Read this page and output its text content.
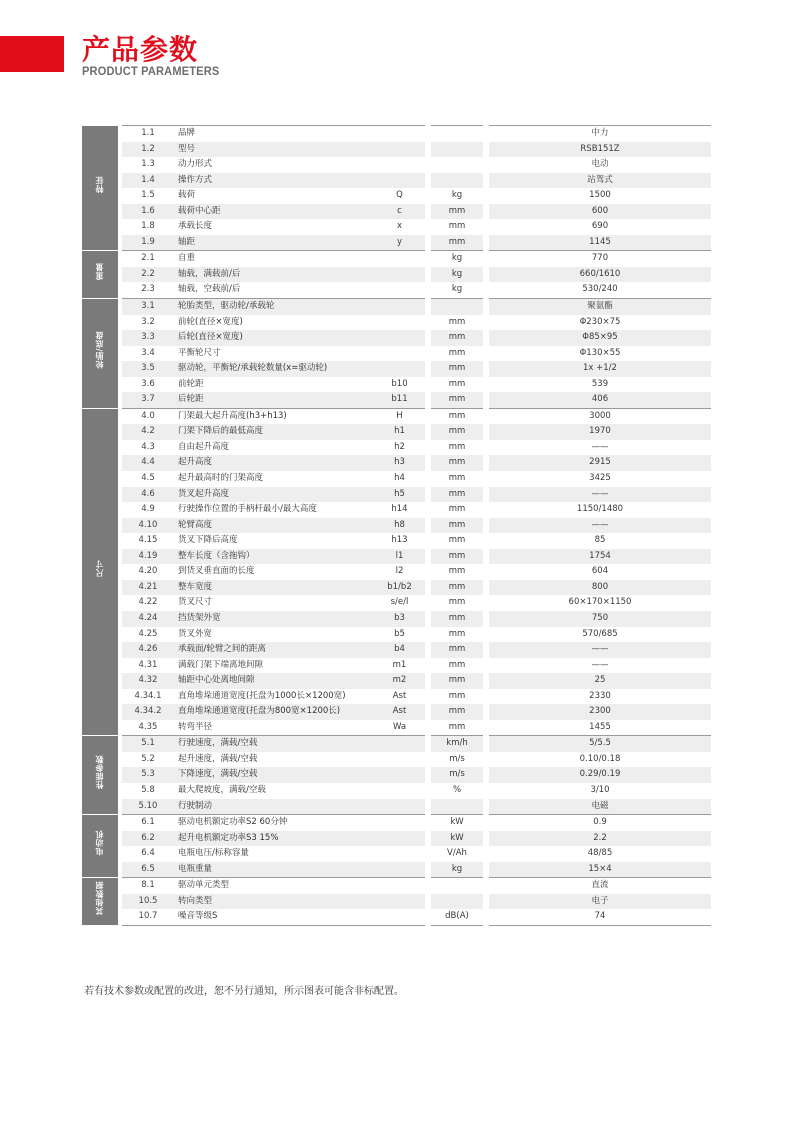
产品参数
PRODUCT PARAMETERS
特征		1.1	品牌					中力
		1.2	型号					RSB151Z
		1.3	动力形式					电动
		1.4	操作方式					站驾式
		1.5	载荷	Q		kg		1500
		1.6	载荷中心距	c		mm		600
		1.8	承载长度	x		mm		690
		1.9	轴距	y		mm		1145
重量		2.1	自重			kg		770
		2.2	轴载，满载前/后			kg		660/1610
		2.3	轴载，空载前/后			kg		530/240
轮胎/底盘		3.1	轮胎类型，驱动轮/承载轮					聚氨酯
		3.2	前轮(直径×宽度)			mm		Φ230×75
		3.3	后轮(直径×宽度)			mm		Φ85×95
		3.4	平衡轮尺寸			mm		Φ130×55
		3.5	驱动轮，平衡轮/承载轮数量(x=驱动轮)			mm		1x +1/2
		3.6	前轮距	b10		mm		539
		3.7	后轮距	b11		mm		406
尺寸		4.0	门架最大起升高度(h3+h13)	H		mm		3000
		4.2	门架下降后的最低高度	h1		mm		1970
		4.3	自由起升高度	h2		mm		——
		4.4	起升高度	h3		mm		2915
		4.5	起升最高时的门架高度	h4		mm		3425
		4.6	货叉起升高度	h5		mm		——
		4.9	行驶操作位置的手柄杆最小/最大高度	h14		mm		1150/1480
		4.10	轮臂高度	h8		mm		——
		4.15	货叉下降后高度	h13		mm		85
		4.19	整车长度（含拖钩）	l1		mm		1754
		4.20	到货叉垂直面的长度	l2		mm		604
		4.21	整车宽度	b1/b2		mm		800
		4.22	货叉尺寸	s/e/l		mm		60×170×1150
		4.24	挡货架外宽	b3		mm		750
		4.25	货叉外宽	b5		mm		570/685
		4.26	承载面/轮臂之间的距离	b4		mm		——
		4.31	满载门架下端离地间隙	m1		mm		——
		4.32	轴距中心处离地间隙	m2		mm		25
		4.34.1	直角堆垛通道宽度(托盘为1000长×1200宽)	Ast		mm		2330
		4.34.2	直角堆垛通道宽度(托盘为800宽×1200长)	Ast		mm		2300
		4.35	转弯半径	Wa		mm		1455
性能参数		5.1	行驶速度，满载/空载			km/h		5/5.5
		5.2	起升速度，满载/空载			m/s		0.10/0.18
		5.3	下降速度，满载/空载			m/s		0.29/0.19
		5.8	最大爬坡度，满载/空载			%		3/10
		5.10	行驶制动					电磁
电动机		6.1	驱动电机额定功率S2 60分钟			kW		0.9
		6.2	起升电机额定功率S3 15%			kW		2.2
		6.4	电瓶电压/标称容量			V/Ah		48/85
		6.5	电瓶重量			kg		15×4
其他数据		8.1	驱动单元类型					直流
		10.5	转向类型					电子
		10.7	噪音等级S			dB(A)		74
若有技术参数或配置的改进，恕不另行通知，所示图表可能含非标配置。
